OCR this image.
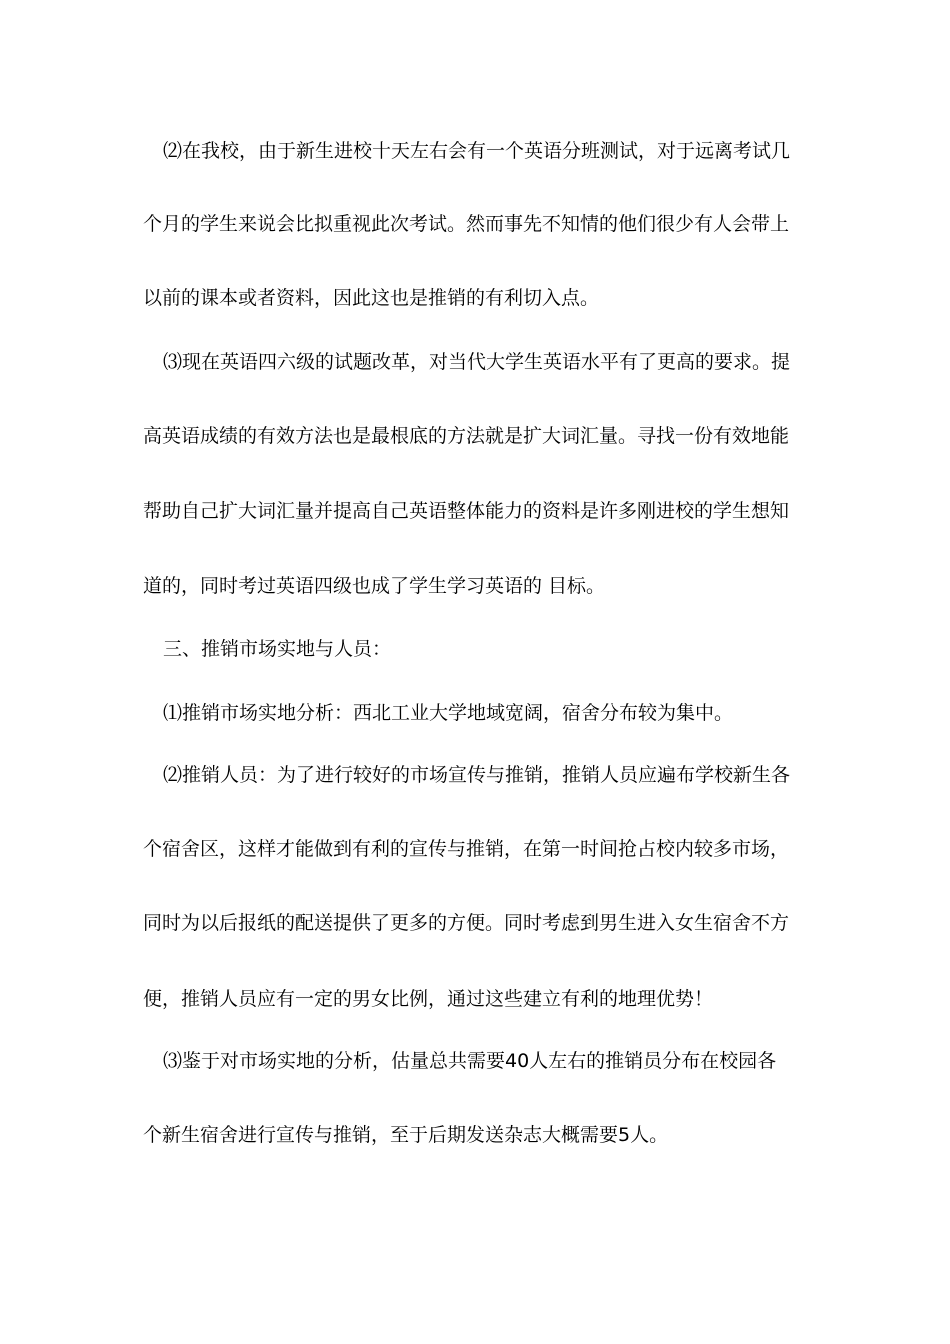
⑵在我校，由于新生进校十天左右会有一个英语分班测试，对于远离考试几
个月的学生来说会比拟重视此次考试。然而事先不知情的他们很少有人会带上
以前的课本或者资料，因此这也是推销的有利切入点。
⑶现在英语四六级的试题改革，对当代大学生英语水平有了更高的要求。提
高英语成绩的有效方法也是最根底的方法就是扩大词汇量。寻找一份有效地能
帮助自己扩大词汇量并提高自己英语整体能力的资料是许多刚进校的学生想知
道的，同时考过英语四级也成了学生学习英语的 目标。
三、推销市场实地与人员：
⑴推销市场实地分析：西北工业大学地域宽阔，宿舍分布较为集中。
⑵推销人员：为了进行较好的市场宣传与推销，推销人员应遍布学校新生各
个宿舍区，这样才能做到有利的宣传与推销，在第一时间抢占校内较多市场，
同时为以后报纸的配送提供了更多的方便。同时考虑到男生进入女生宿舍不方
便，推销人员应有一定的男女比例，通过这些建立有利的地理优势！
⑶鉴于对市场实地的分析，估量总共需要40人左右的推销员分布在校园各
个新生宿舍进行宣传与推销，至于后期发送杂志大概需要5人。
